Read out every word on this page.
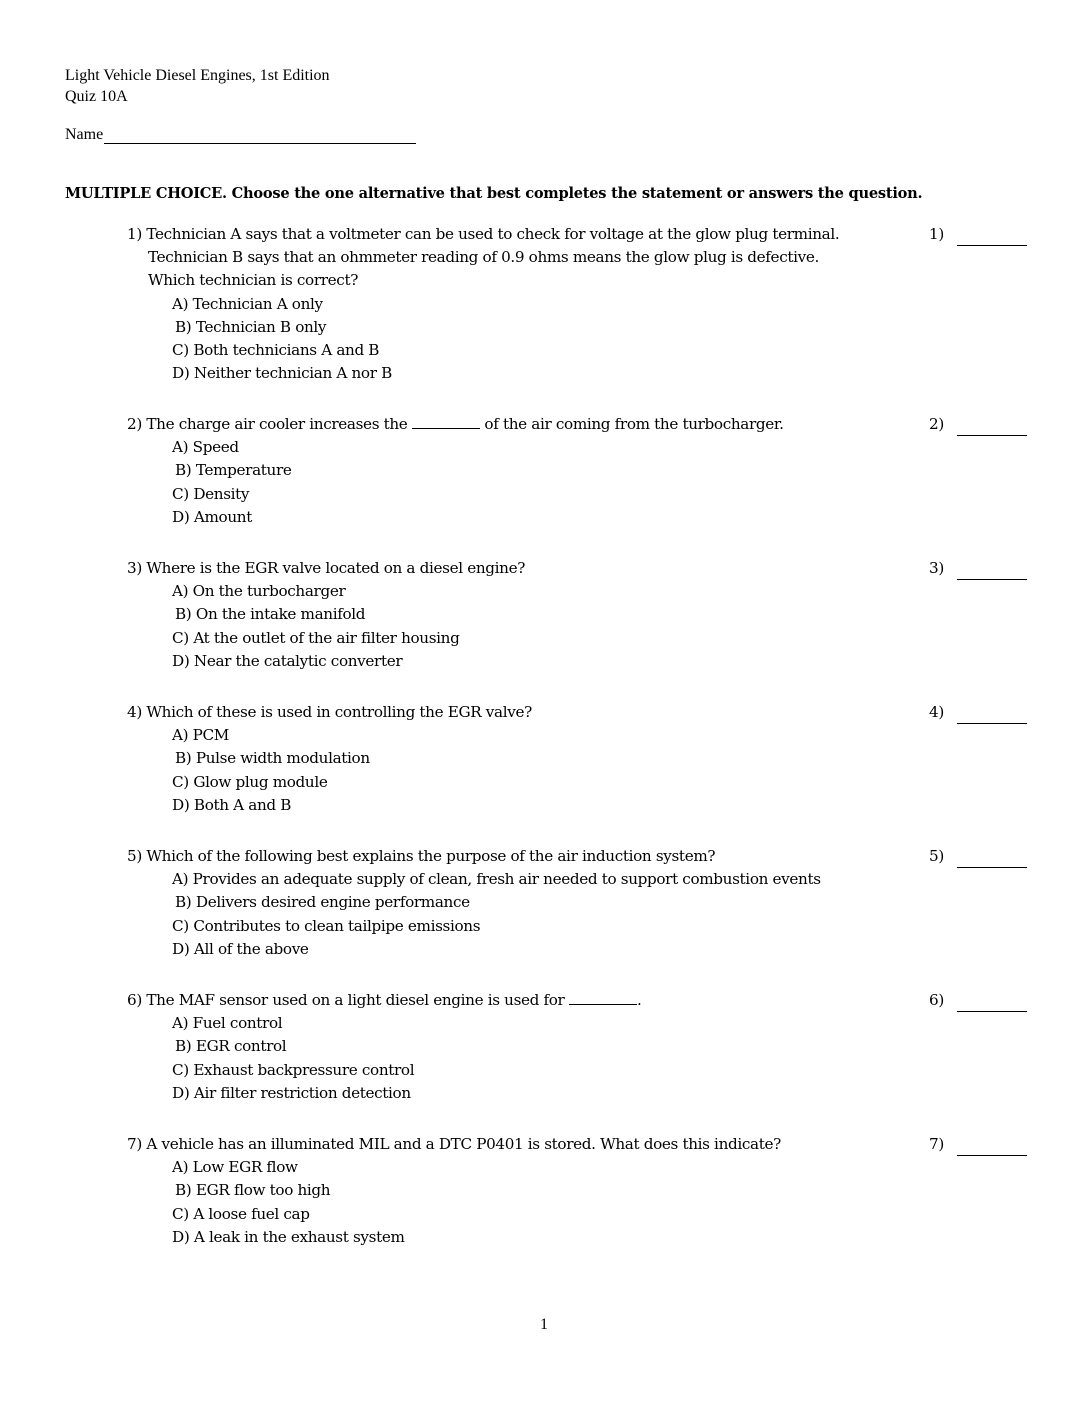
Light Vehicle Diesel Engines, 1st Edition
Quiz 10A
Name
MULTIPLE CHOICE. Choose the one alternative that best completes the statement or answers the question.
1) Technician A says that a voltmeter can be used to check for voltage at the glow plug terminal.	1)
Technician B says that an ohmmeter reading of 0.9 ohms means the glow plug is defective.
Which technician is correct?
A) Technician A only
B) Technician B only
C) Both technicians A and B
D) Neither technician A nor B
2) The charge air cooler increases the	of the air coming from the turbocharger.	2)
A) Speed
B) Temperature
C) Density
D) Amount
3) Where is the EGR valve located on a diesel engine?	3)
A) On the turbocharger
B) On the intake manifold
C) At the outlet of the air filter housing
D) Near the catalytic converter
4) Which of these is used in controlling the EGR valve?	4)
A) PCM
B) Pulse width modulation
C) Glow plug module
D) Both A and B
5) Which of the following best explains the purpose of the air induction system?	5)
A) Provides an adequate supply of clean, fresh air needed to support combustion events
B) Delivers desired engine performance
C) Contributes to clean tailpipe emissions
D) All of the above
6) The MAF sensor used on a light diesel engine is used for	.	6)
A) Fuel control
B) EGR control
C) Exhaust backpressure control
D) Air filter restriction detection
7) A vehicle has an illuminated MIL and a DTC P0401 is stored. What does this indicate?	7)
A) Low EGR flow
B) EGR flow too high
C) A loose fuel cap
D) A leak in the exhaust system
1
